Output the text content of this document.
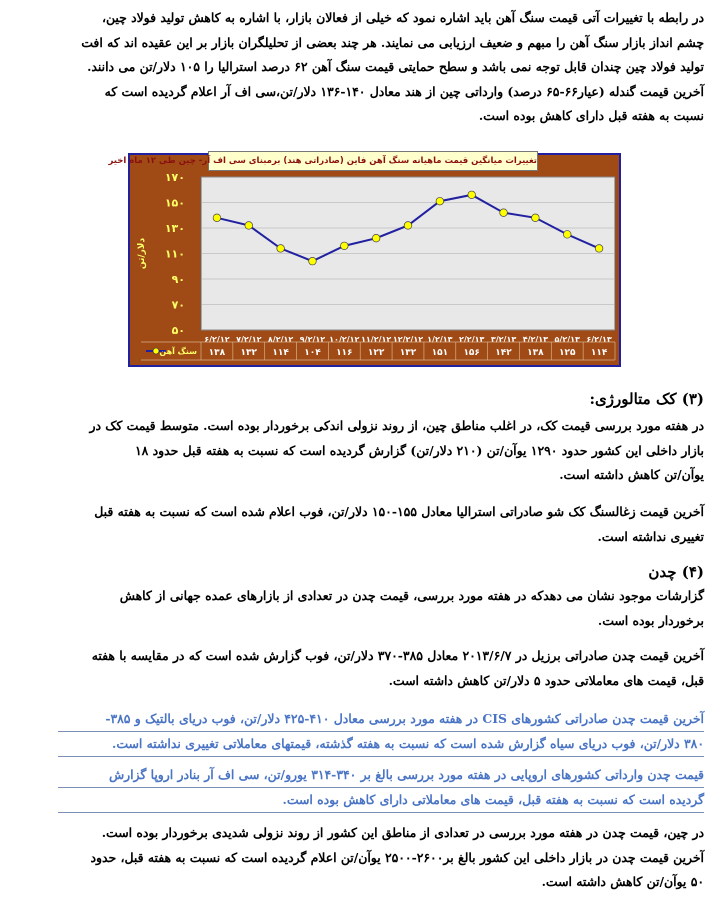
در رابطه با تغییرات آتی قیمت سنگ آهن باید اشاره نمود که خیلی از فعالان بازار، با اشاره به کاهش تولید فولاد چین،

چشم انداز بازار سنگ آهن را مبهم و ضعیف ارزیابی می نمایند. هر چند بعضی از تحلیلگران بازار بر این عقیده اند که افت

تولید فولاد چین چندان قابل توجه نمی باشد و سطح حمایتی قیمت سنگ آهن ۶۲ درصد استرالیا را ۱۰۵ دلار/تن می دانند.

آخرین قیمت گندله (عیار۶۶-۶۵ درصد) وارداتی چین از هند معادل ۱۴۰-۱۳۶ دلار/تن،سی اف آر اعلام گردیده است که

نسبت به هفته قبل دارای کاهش بوده است.

۱۷۰
۱۵۰
۱۳۰
۱۱۰
۹۰
۷۰
۵۰
دلار/تن
۶/۲/۱۲ ۷/۲/۱۲ ۸/۲/۱۲ ۹/۲/۱۲ ۱۰/۲/۱۲ ۱۱/۲/۱۲ ۱۲/۲/۱۲ ۱/۲/۱۳ ۲/۲/۱۳ ۳/۲/۱۳ ۴/۲/۱۳ ۵/۲/۱۳ ۶/۲/۱۳
سنگ آهن ۱۳۸ ۱۳۲ ۱۱۴ ۱۰۴ ۱۱۶ ۱۲۲ ۱۳۲ ۱۵۱ ۱۵۶ ۱۴۲ ۱۳۸ ۱۲۵ ۱۱۴
تغییرات میانگین قیمت ماهیانه سنگ آهن فاین (صادراتی هند) برمبنای سی اف آر- چین طی ۱۲ ماه اخیر
(۳) کک متالورژی:

در هفته مورد بررسی قیمت کک، در اغلب مناطق چین، از روند نزولی اندکی برخوردار بوده است. متوسط قیمت کک در

بازار داخلی این کشور حدود ۱۲۹۰ یوآن/تن (۲۱۰ دلار/تن) گزارش گردیده است که نسبت به هفته قبل حدود ۱۸

یوآن/تن کاهش داشته است.

آخرین قیمت زغالسنگ کک شو صادراتی استرالیا معادل ۱۵۵-۱۵۰ دلار/تن، فوب اعلام شده است که نسبت به هفته قبل

تغییری نداشته است.

(۴) چدن

گزارشات موجود نشان می دهدکه در هفته مورد بررسی، قیمت چدن در تعدادی از بازارهای عمده جهانی از کاهش

برخوردار بوده است.

آخرین قیمت چدن صادراتی برزیل در ۲۰۱۳/۶/۷ معادل ۳۸۵-۳۷۰ دلار/تن، فوب گزارش شده است که در مقایسه با هفته

قبل، قیمت های معاملاتی حدود ۵ دلار/تن کاهش داشته است.

آخرین قیمت چدن صادراتی کشورهای CIS در هفته مورد بررسی معادل ۴۱۰-۴۲۵ دلار/تن، فوب دریای بالتیک و ۳۸۵-

۳۸۰ دلار/تن، فوب دریای سیاه گزارش شده است که نسبت به هفته گذشته، قیمتهای معاملاتی تغییری نداشته است.

قیمت چدن وارداتی کشورهای اروپایی در هفته مورد بررسی بالغ بر ۳۴۰-۳۱۴ یورو/تن، سی اف آر بنادر اروپا گزارش

گردیده است که نسبت به هفته قبل، قیمت های معاملاتی دارای کاهش بوده است.

در چین، قیمت چدن در هفته مورد بررسی در تعدادی از مناطق این کشور از روند نزولی شدیدی برخوردار بوده است.

آخرین قیمت چدن در بازار داخلی این کشور بالغ بر۲۶۰۰-۲۵۰۰ یوآن/تن اعلام گردیده است که نسبت به هفته قبل، حدود

۵۰ یوآن/تن کاهش داشته است.
